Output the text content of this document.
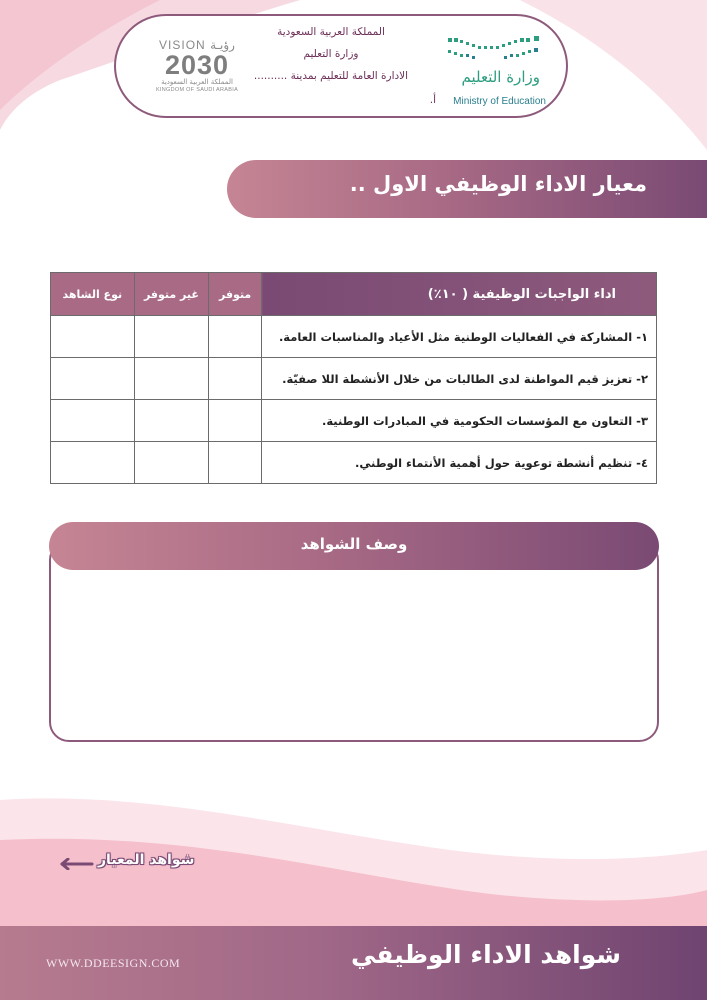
وزارة التعليم
Ministry of Education
المملكة العربية السعودية
وزارة التعليم
الادارة العامة للتعليم بمدينة ..........
أ.
VISION رؤيـة
2030
المملكة العربية السعودية
KINGDOM OF SAUDI ARABIA
معيار الاداء الوظيفي الاول ..
اداء الواجبات الوظيفية ( ١٠٪)	متوفر	غير متوفر	نوع الشاهد
١- المشاركة في الفعاليات الوطنية مثل الأعياد والمناسبات العامة.			
٢- تعزيز قيم المواطنة لدى الطالبات من خلال الأنشطة اللا صفيّة.			
٣- التعاون مع المؤسسات الحكومية في المبادرات الوطنية.			
٤- تنظيم أنشطة توعوية حول أهمية الأنتماء الوطني.			
وصف الشواهد
شواهد المعيار
WWW.DDEESIGN.COM	شواهد الاداء الوظيفي
